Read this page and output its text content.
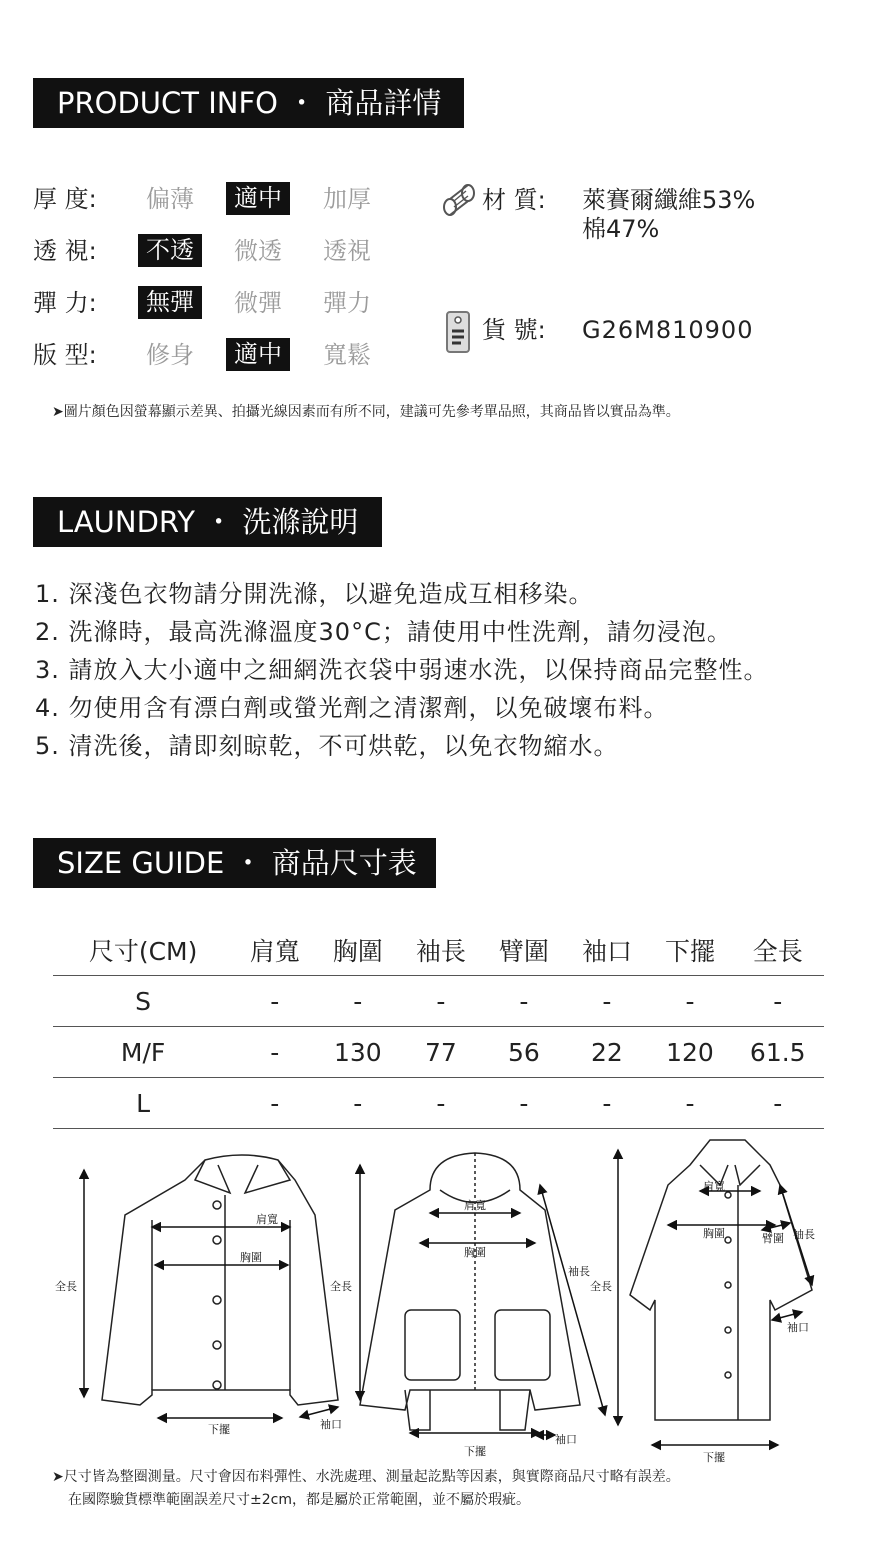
PRODUCT INFO ・ 商品詳情
厚 度:	偏薄	適中	加厚
透 視:	不透	微透 透視
彈 力:	無彈	微彈 彈力
版 型:	修身	適中	寬鬆
材 質: 萊賽爾纖維53%
棉47%
貨 號: G26M810900
➤圖片顏色因螢幕顯示差異、拍攝光線因素而有所不同，建議可先參考單品照，其商品皆以實品為準。
LAUNDRY ・ 洗滌說明
1. 深淺色衣物請分開洗滌，以避免造成互相移染。
2. 洗滌時，最高洗滌溫度30°C；請使用中性洗劑，請勿浸泡。
3. 請放入大小適中之細網洗衣袋中弱速水洗，以保持商品完整性。
4. 勿使用含有漂白劑或螢光劑之清潔劑，以免破壞布料。
5. 清洗後，請即刻晾乾，不可烘乾，以免衣物縮水。
SIZE GUIDE ・ 商品尺寸表
尺寸(CM)	肩寬	胸圍	袖長	臂圍	袖口	下擺	全長
S	-	-	-	-	-	-	-
M/F	-	130	77	56	22	120	61.5
L	-	-	-	-	-	-	-
肩寬
胸圍
全長
下擺	袖口
肩寬
胸圍
全長
袖長
下擺
袖口
肩寬
胸圍
全長
臂圍 袖長
袖口
下擺
➤尺寸皆為整圈測量。尺寸會因布料彈性、水洗處理、測量起訖點等因素，與實際商品尺寸略有誤差。
在國際驗貨標準範圍誤差尺寸±2cm，都是屬於正常範圍，並不屬於瑕疵。
